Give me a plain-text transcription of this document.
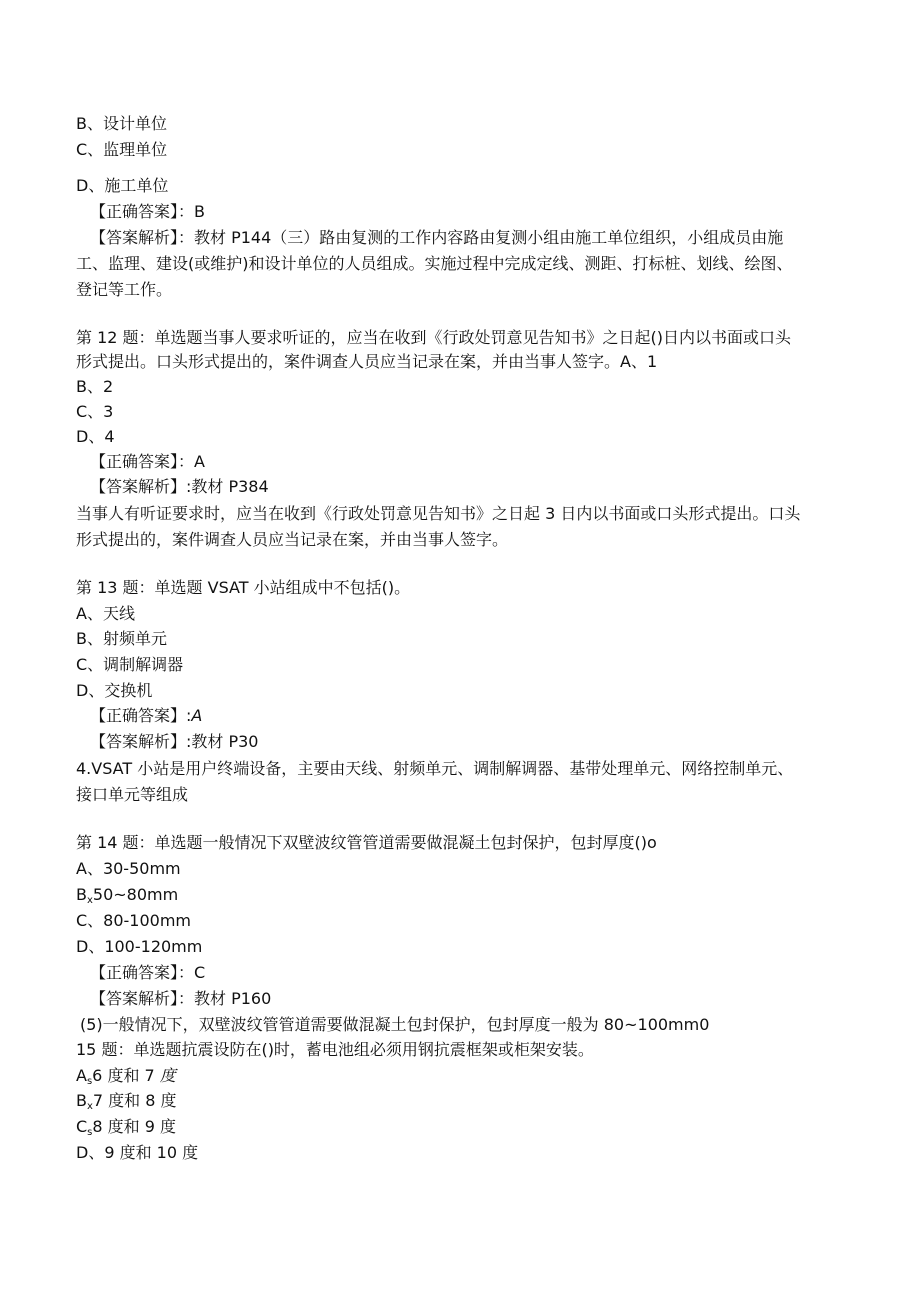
B、设计单位
C、监理单位
D、施工单位
【正确答案】：B
【答案解析】：教材 P144（三）路由复测的工作内容路由复测小组由施工单位组织，小组成员由施
工、监理、建设(或维护)和设计单位的人员组成。实施过程中完成定线、测距、打标桩、划线、绘图、
登记等工作。
第 12 题：单选题当事人要求听证的，应当在收到《行政处罚意见告知书》之日起()日内以书面或口头
形式提出。口头形式提出的，案件调查人员应当记录在案，并由当事人签字。A、1
B、2
C、3
D、4
【正确答案】：A
【答案解析】:教材 P384
当事人有听证要求时，应当在收到《行政处罚意见告知书》之日起 3 日内以书面或口头形式提出。口头
形式提出的，案件调查人员应当记录在案，并由当事人签字。
第 13 题：单选题 VSAT 小站组成中不包括()。
A、天线
B、射频单元
C、调制解调器
D、交换机
【正确答案】:A
【答案解析】:教材 P30
4.VSAT 小站是用户终端设备，主要由天线、射频单元、调制解调器、基带处理单元、网络控制单元、
接口单元等组成
第 14 题：单选题一般情况下双壁波纹管管道需要做混凝土包封保护，包封厚度()o
A、30-50mm
$B_x50\sim 80mm$
C、80-100mm
D、100-120mm
【正确答案】：C
【答案解析】：教材 P160
(5)一般情况下，双壁波纹管管道需要做混凝土包封保护，包封厚度一般为 80~100mm0
15 题：单选题抗震设防在()时，蓄电池组必须用钢抗震框架或柜架安装。
$A_s6$ 度和 7 度
$B_x7$ 度和 8 度
$C_s8$ 度和 9 度
D、9 度和 10 度
